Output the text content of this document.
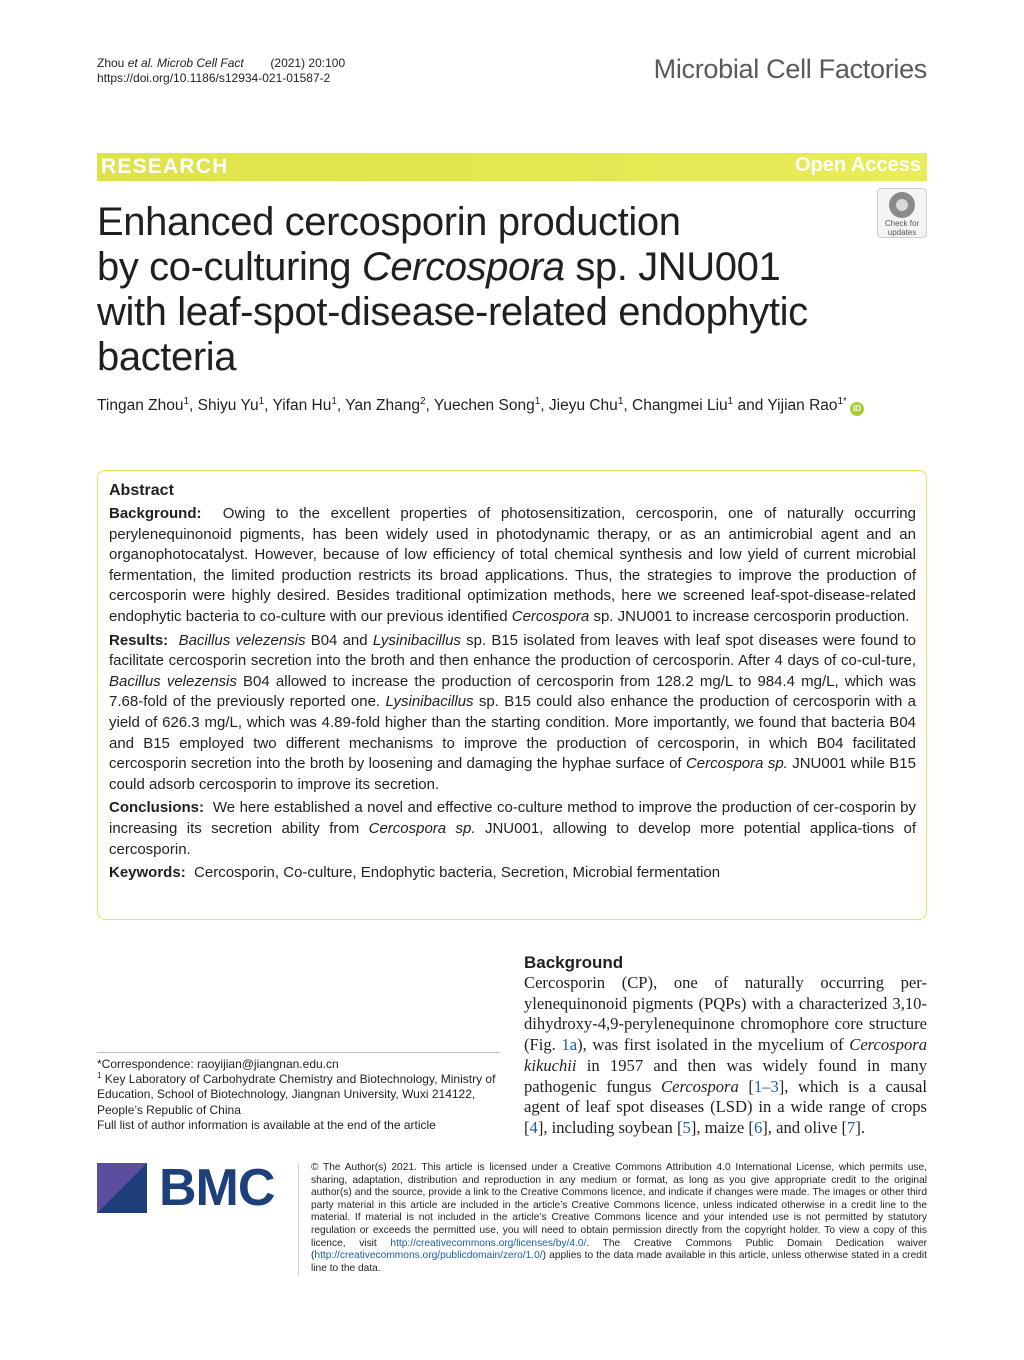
Zhou et al. Microb Cell Fact        (2021) 20:100
https://doi.org/10.1186/s12934-021-01587-2	Microbial Cell Factories
RESEARCH	Open Access
Enhanced cercosporin production
by co-culturing Cercospora sp. JNU001
with leaf-spot-disease-related endophytic
bacteria
Check for
updates
Tingan Zhou$^1$, Shiyu Yu$^1$, Yifan Hu$^1$, Yan Zhang$^2$, Yuechen Song$^1$, Jieyu Chu$^1$, Changmei Liu$^1$ and Yijian Rao$^{1*}$iD
Abstract

Background: Owing to the excellent properties of photosensitization, cercosporin, one of naturally occurring perylenequinonoid pigments, has been widely used in photodynamic therapy, or as an antimicrobial agent and an organophotocatalyst. However, because of low efficiency of total chemical synthesis and low yield of current microbial fermentation, the limited production restricts its broad applications. Thus, the strategies to improve the production of cercosporin were highly desired. Besides traditional optimization methods, here we screened leaf-spot-disease-related endophytic bacteria to co-culture with our previous identified Cercospora sp. JNU001 to increase cercosporin production.

Results: Bacillus velezensis B04 and Lysinibacillus sp. B15 isolated from leaves with leaf spot diseases were found to facilitate cercosporin secretion into the broth and then enhance the production of cercosporin. After 4 days of co-cul-ture, Bacillus velezensis B04 allowed to increase the production of cercosporin from 128.2 mg/L to 984.4 mg/L, which was 7.68-fold of the previously reported one. Lysinibacillus sp. B15 could also enhance the production of cercosporin with a yield of 626.3 mg/L, which was 4.89-fold higher than the starting condition. More importantly, we found that bacteria B04 and B15 employed two different mechanisms to improve the production of cercosporin, in which B04 facilitated cercosporin secretion into the broth by loosening and damaging the hyphae surface of Cercospora sp. JNU001 while B15 could adsorb cercosporin to improve its secretion.

Conclusions: We here established a novel and effective co-culture method to improve the production of cer-cosporin by increasing its secretion ability from Cercospora sp. JNU001, allowing to develop more potential applica-tions of cercosporin.

Keywords: Cercosporin, Co-culture, Endophytic bacteria, Secretion, Microbial fermentation

*Correspondence: raoyijian@jiangnan.edu.cn
$^1$ Key Laboratory of Carbohydrate Chemistry and Biotechnology, Ministry of Education, School of Biotechnology, Jiangnan University, Wuxi 214122, People’s Republic of China
Full list of author information is available at the end of the article
Background
Cercosporin (CP), one of naturally occurring per-ylenequinonoid pigments (PQPs) with a characterized 3,10-dihydroxy-4,9-perylenequinone chromophore core structure (Fig. 1a), was first isolated in the mycelium of Cercospora kikuchii in 1957 and then was widely found in many pathogenic fungus Cercospora [1–3], which is a causal agent of leaf spot diseases (LSD) in a wide range of crops [4], including soybean [5], maize [6], and olive [7].
BMC	© The Author(s) 2021. This article is licensed under a Creative Commons Attribution 4.0 International License, which permits use, sharing, adaptation, distribution and reproduction in any medium or format, as long as you give appropriate credit to the original author(s) and the source, provide a link to the Creative Commons licence, and indicate if changes were made. The images or other third party material in this article are included in the article’s Creative Commons licence, unless indicated otherwise in a credit line to the material. If material is not included in the article’s Creative Commons licence and your intended use is not permitted by statutory regulation or exceeds the permitted use, you will need to obtain permission directly from the copyright holder. To view a copy of this licence, visit http://creativecommons.org/licenses/by/4.0/. The Creative Commons Public Domain Dedication waiver (http://creativecommons.org/publicdomain/zero/1.0/) applies to the data made available in this article, unless otherwise stated in a credit line to the data.
